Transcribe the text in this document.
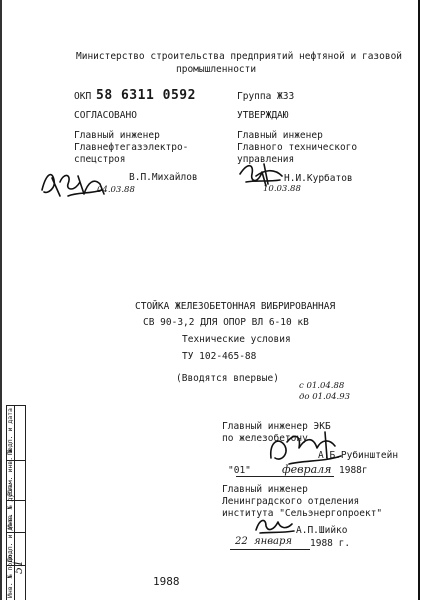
Министерство строительства предприятий нефтяной и газовой
промышленности
ОКП 58 6311 0592	Группа Ж33
СОГЛАСОВАНО
Главный инженер
Главнефтегазэлектро-
спецстроя
В.П.Михайлов
04.03.88
УТВЕРЖДАЮ
Главный инженер
Главного технического
управления
Н.И.Курбатов
10.03.88
СТОЙКА ЖЕЛЕЗОБЕТОННАЯ ВИБРИРОВАННАЯ
СВ 90-3,2 ДЛЯ ОПОР ВЛ 6-10 кВ
Технические условия
ТУ 102-465-88
(Вводятся впервые)
с 01.04.88
до 01.04.93
Главный инженер ЭКБ
по железобетону
А.Б.Рубинштейн
"01"	февраля 1988г
Главный инженер
Ленинградского отделения
института "Сельэнергопроект"
А.П.Шийко
22 января 1988 г.
1988
Подп. и дата
Взам. инв. №
Инв. № дубл.
Подп. и дата
Инв. № подл.
51
